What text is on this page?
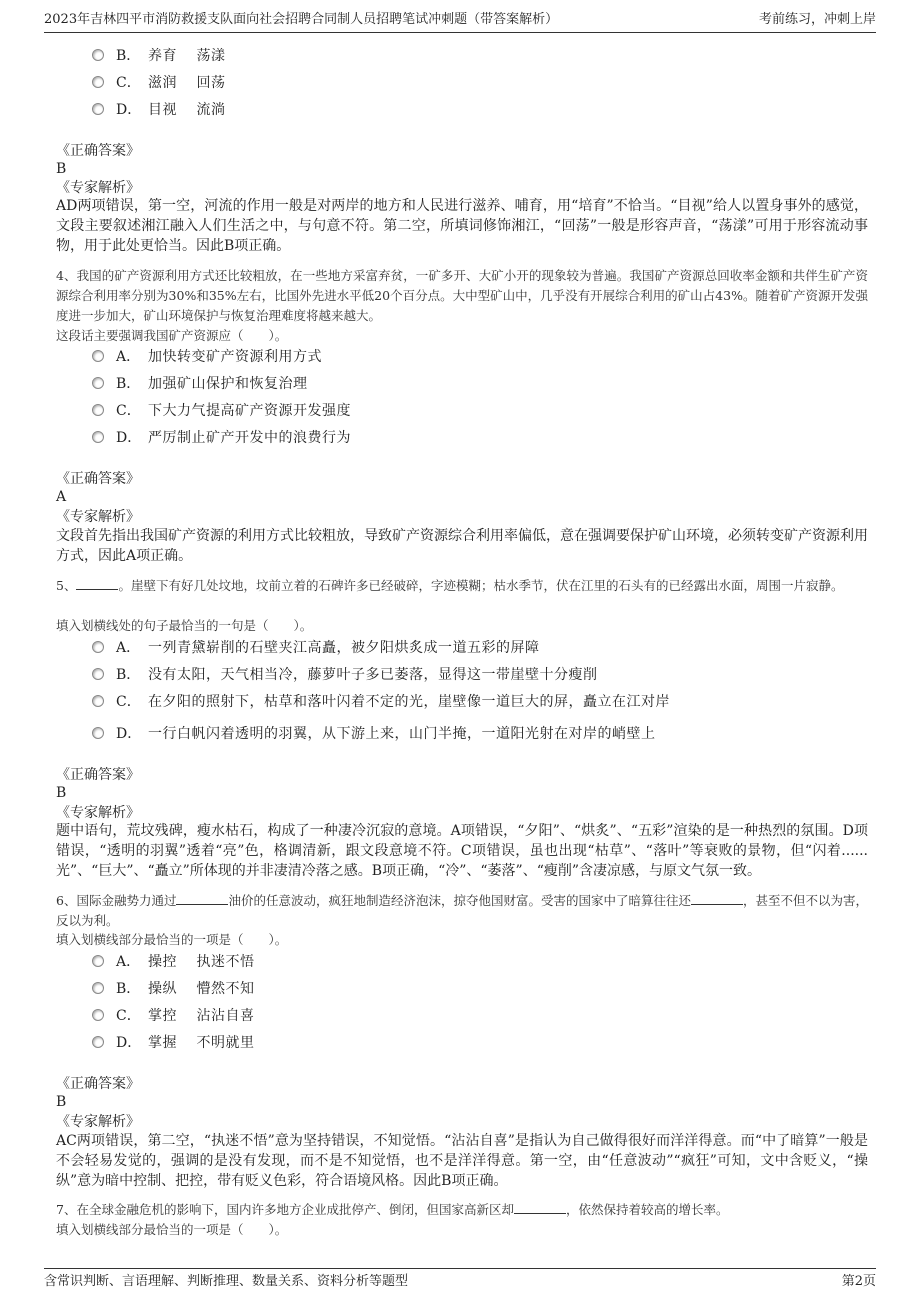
2023年吉林四平市消防救援支队面向社会招聘合同制人员招聘笔试冲刺题（带答案解析）	考前练习，冲刺上岸
B． 养育　 荡漾
C． 滋润　 回荡
D． 目视　 流淌
《正确答案》
B
《专家解析》
AD两项错误，第一空，河流的作用一般是对两岸的地方和人民进行滋养、哺育，用“培育”不恰当。“目视”给人以置身事外的感觉，文段主要叙述湘江融入人们生活之中，与句意不符。第二空，所填词修饰湘江，“回荡”一般是形容声音，“荡漾”可用于形容流动事物，用于此处更恰当。因此B项正确。
4、我国的矿产资源利用方式还比较粗放，在一些地方采富弃贫，一矿多开、大矿小开的现象较为普遍。我国矿产资源总回收率金额和共伴生矿产资源综合利用率分别为30%和35%左右，比国外先进水平低20个百分点。大中型矿山中，几乎没有开展综合利用的矿山占43%。随着矿产资源开发强度进一步加大，矿山环境保护与恢复治理难度将越来越大。
这段话主要强调我国矿产资源应（　　）。
A． 加快转变矿产资源利用方式
B． 加强矿山保护和恢复治理
C． 下大力气提高矿产资源开发强度
D． 严厉制止矿产开发中的浪费行为
《正确答案》
A
《专家解析》
文段首先指出我国矿产资源的利用方式比较粗放，导致矿产资源综合利用率偏低，意在强调要保护矿山环境，必须转变矿产资源利用方式，因此A项正确。
5、	。崖壁下有好几处坟地，坟前立着的石碑许多已经破碎，字迹模糊；枯水季节，伏在江里的石头有的已经露出水面，周围一片寂静。
填入划横线处的句子最恰当的一句是（　　）。
A． 一列青黛崭削的石壁夹江高矗，被夕阳烘炙成一道五彩的屏障
B． 没有太阳，天气相当冷，藤萝叶子多已萎落，显得这一带崖壁十分瘦削
C． 在夕阳的照射下，枯草和落叶闪着不定的光，崖壁像一道巨大的屏，矗立在江对岸
D． 一行白帆闪着透明的羽翼，从下游上来，山门半掩，一道阳光射在对岸的峭壁上
《正确答案》
B
《专家解析》
题中语句，荒坟残碑，瘦水枯石，构成了一种凄冷沉寂的意境。A项错误，“夕阳”、“烘炙”、“五彩”渲染的是一种热烈的氛围。D项错误，“透明的羽翼”透着“亮”色，格调清新，跟文段意境不符。C项错误，虽也出现“枯草”、“落叶”等衰败的景物，但“闪着......光”、“巨大”、“矗立”所体现的并非凄清冷落之感。B项正确，“冷”、“萎落”、“瘦削”含凄凉感，与原文气氛一致。
6、国际金融势力通过	油价的任意波动，疯狂地制造经济泡沫，掠夺他国财富。受害的国家中了暗算往往还	，甚至不但不以为害，反以为利。
填入划横线部分最恰当的一项是（　　）。
A． 操控　 执迷不悟
B． 操纵　 懵然不知
C． 掌控　 沾沾自喜
D． 掌握　 不明就里
《正确答案》
B
《专家解析》
AC两项错误，第二空，“执迷不悟”意为坚持错误，不知觉悟。“沾沾自喜”是指认为自己做得很好而洋洋得意。而“中了暗算”一般是不会轻易发觉的，强调的是没有发现，而不是不知觉悟，也不是洋洋得意。第一空，由“任意波动”“疯狂”可知，文中含贬义，“操纵”意为暗中控制、把控，带有贬义色彩，符合语境风格。因此B项正确。
7、在全球金融危机的影响下，国内许多地方企业成批停产、倒闭，但国家高新区却	，依然保持着较高的增长率。
填入划横线部分最恰当的一项是（　　）。
含常识判断、言语理解、判断推理、数量关系、资料分析等题型	第2页
